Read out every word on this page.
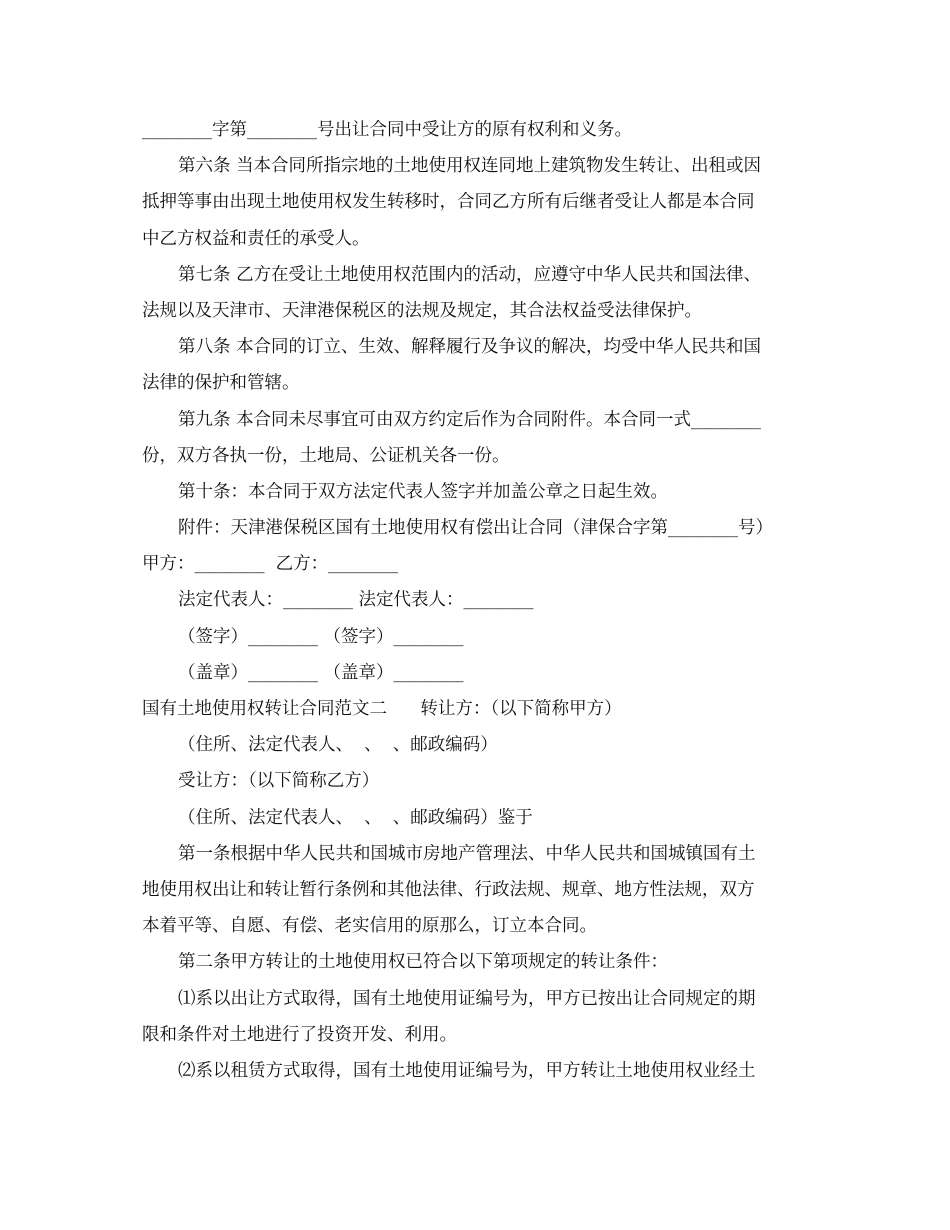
________字第________号出让合同中受让方的原有权利和义务。
第六条 当本合同所指宗地的土地使用权连同地上建筑物发生转让、出租或因
抵押等事由出现土地使用权发生转移时，合同乙方所有后继者受让人都是本合同
中乙方权益和责任的承受人。
第七条 乙方在受让土地使用权范围内的活动，应遵守中华人民共和国法律、
法规以及天津市、天津港保税区的法规及规定，其合法权益受法律保护。
第八条 本合同的订立、生效、解释履行及争议的解决，均受中华人民共和国
法律的保护和管辖。
第九条 本合同未尽事宜可由双方约定后作为合同附件。本合同一式________
份，双方各执一份，土地局、公证机关各一份。
第十条：本合同于双方法定代表人签字并加盖公章之日起生效。
附件：天津港保税区国有土地使用权有偿出让合同（津保合字第________号）
甲方：________  乙方：________
法定代表人：________ 法定代表人：________
（签字）________ （签字）________
（盖章）________ （盖章）________
国有土地使用权转让合同范文二      转让方：（以下简称甲方）
（住所、法定代表人、  、  、邮政编码）
受让方：（以下简称乙方）
（住所、法定代表人、  、  、邮政编码）鉴于
第一条根据中华人民共和国城市房地产管理法、中华人民共和国城镇国有土
地使用权出让和转让暂行条例和其他法律、行政法规、规章、地方性法规，双方
本着平等、自愿、有偿、老实信用的原那么，订立本合同。
第二条甲方转让的土地使用权已符合以下第项规定的转让条件：
⑴系以出让方式取得，国有土地使用证编号为，甲方已按出让合同规定的期
限和条件对土地进行了投资开发、利用。
⑵系以租赁方式取得，国有土地使用证编号为，甲方转让土地使用权业经土
